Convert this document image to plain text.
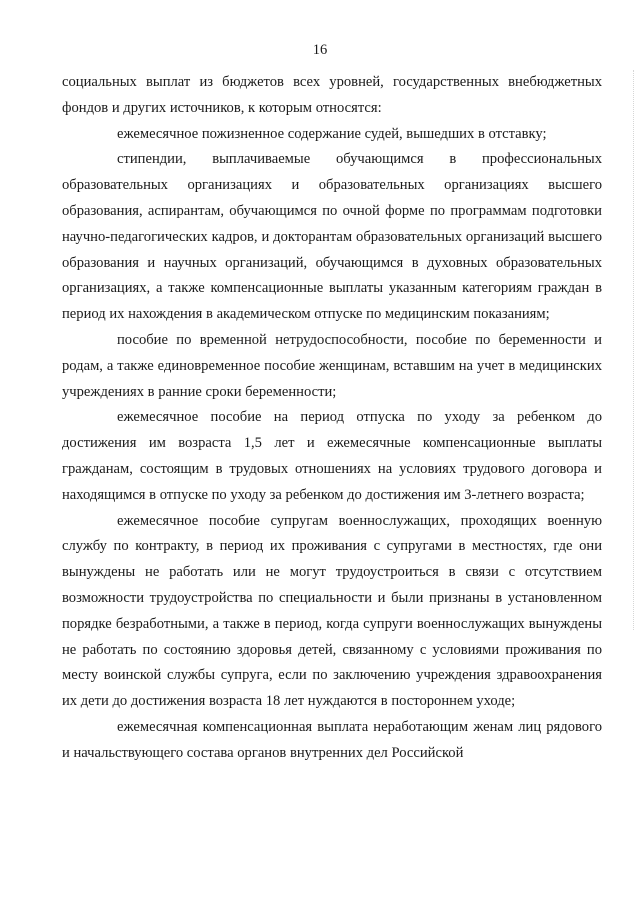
16

социальных выплат из бюджетов всех уровней, государственных внебюджетных фондов и других источников, к которым относятся:

ежемесячное пожизненное содержание судей, вышедших в отставку;

стипендии, выплачиваемые обучающимся в профессиональных образовательных организациях и образовательных организациях высшего образования, аспирантам, обучающимся по очной форме по программам подготовки научно-педагогических кадров, и докторантам образовательных организаций высшего образования и научных организаций, обучающимся в духовных образовательных организациях, а также компенсационные выплаты указанным категориям граждан в период их нахождения в академическом отпуске по медицинским показаниям;

пособие по временной нетрудоспособности, пособие по беременности и родам, а также единовременное пособие женщинам, вставшим на учет в медицинских учреждениях в ранние сроки беременности;

ежемесячное пособие на период отпуска по уходу за ребенком до достижения им возраста 1,5 лет и ежемесячные компенсационные выплаты гражданам, состоящим в трудовых отношениях на условиях трудового договора и находящимся в отпуске по уходу за ребенком до достижения им 3-летнего возраста;

ежемесячное пособие супругам военнослужащих, проходящих военную службу по контракту, в период их проживания с супругами в местностях, где они вынуждены не работать или не могут трудоустроиться в связи с отсутствием возможности трудоустройства по специальности и были признаны в установленном порядке безработными, а также в период, когда супруги военнослужащих вынуждены не работать по состоянию здоровья детей, связанному с условиями проживания по месту воинской службы супруга, если по заключению учреждения здравоохранения их дети до достижения возраста 18 лет нуждаются в постороннем уходе;

ежемесячная компенсационная выплата неработающим женам лиц рядового и начальствующего состава органов внутренних дел Российской
